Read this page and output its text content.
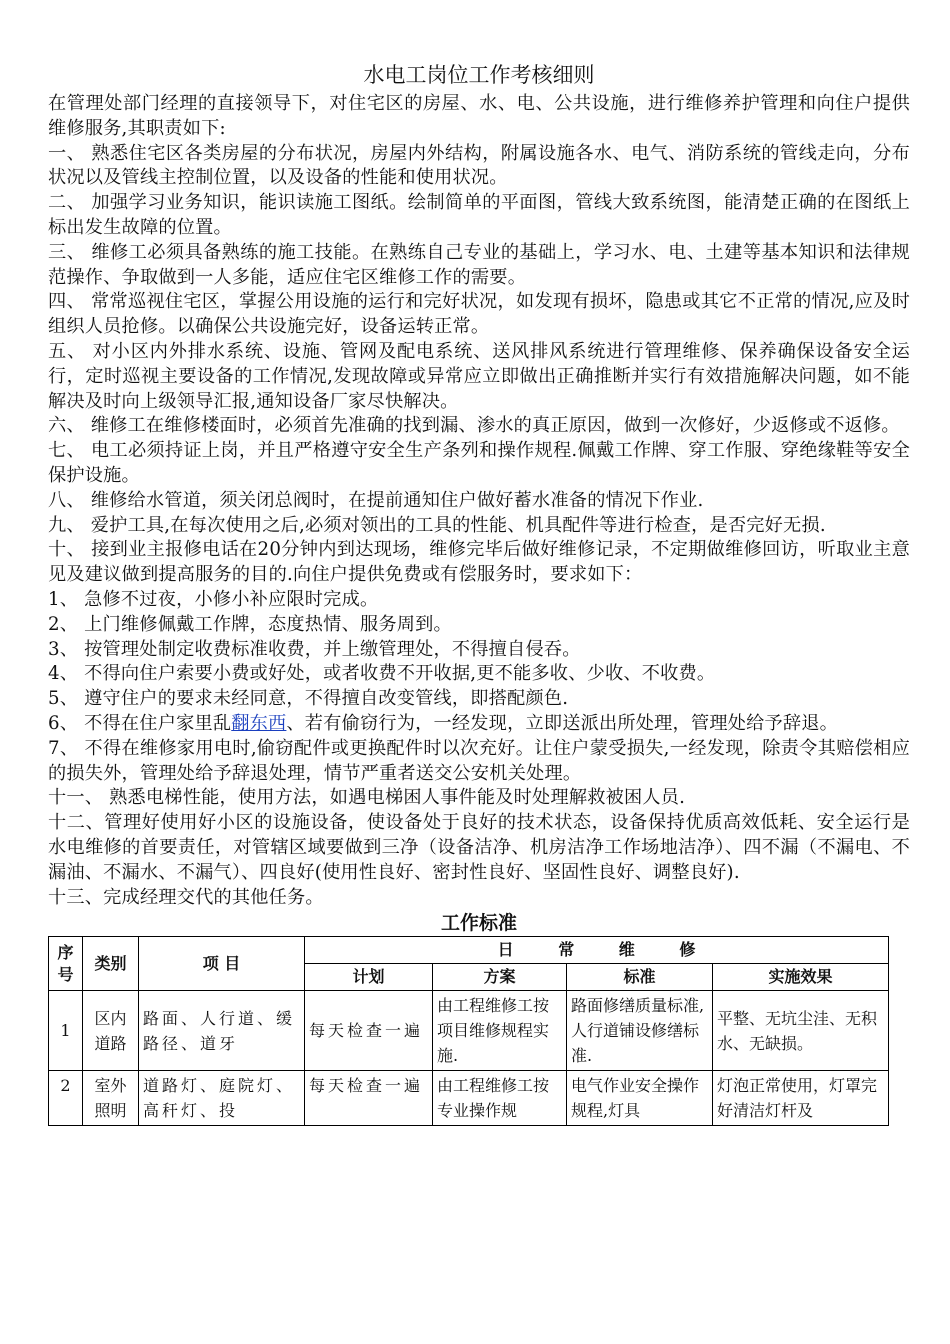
水电工岗位工作考核细则

在管理处部门经理的直接领导下，对住宅区的房屋、水、电、公共设施，进行维修养护管理和向住户提供维修服务,其职责如下:

一、 熟悉住宅区各类房屋的分布状况，房屋内外结构，附属设施各水、电气、消防系统的管线走向，分布状况以及管线主控制位置，以及设备的性能和使用状况。

二、 加强学习业务知识，能识读施工图纸。绘制简单的平面图，管线大致系统图，能清楚正确的在图纸上标出发生故障的位置。

三、 维修工必须具备熟练的施工技能。在熟练自己专业的基础上，学习水、电、土建等基本知识和法律规范操作、争取做到一人多能，适应住宅区维修工作的需要。

四、 常常巡视住宅区，掌握公用设施的运行和完好状况，如发现有损坏，隐患或其它不正常的情况,应及时组织人员抢修。以确保公共设施完好，设备运转正常。

五、 对小区内外排水系统、设施、管网及配电系统、送风排风系统进行管理维修、保养确保设备安全运行，定时巡视主要设备的工作情况,发现故障或异常应立即做出正确推断并实行有效措施解决问题，如不能解决及时向上级领导汇报,通知设备厂家尽快解决。

六、 维修工在维修楼面时，必须首先准确的找到漏、渗水的真正原因，做到一次修好，少返修或不返修。

七、 电工必须持证上岗，并且严格遵守安全生产条列和操作规程.佩戴工作牌、穿工作服、穿绝缘鞋等安全保护设施。

八、 维修给水管道，须关闭总阀时，在提前通知住户做好蓄水准备的情况下作业.

九、 爱护工具,在每次使用之后,必须对领出的工具的性能、机具配件等进行检查，是否完好无损.

十、 接到业主报修电话在20分钟内到达现场，维修完毕后做好维修记录，不定期做维修回访，听取业主意见及建议做到提高服务的目的.向住户提供免费或有偿服务时，要求如下：

1、 急修不过夜，小修小补应限时完成。

2、 上门维修佩戴工作牌，态度热情、服务周到。

3、 按管理处制定收费标准收费，并上缴管理处，不得擅自侵吞。

4、 不得向住户索要小费或好处，或者收费不开收据,更不能多收、少收、不收费。

5、 遵守住户的要求未经同意，不得擅自改变管线，即搭配颜色.

6、 不得在住户家里乱翻东西、若有偷窃行为，一经发现，立即送派出所处理，管理处给予辞退。

7、 不得在维修家用电时,偷窃配件或更换配件时以次充好。让住户蒙受损失,一经发现，除责令其赔偿相应的损失外，管理处给予辞退处理，情节严重者送交公安机关处理。

十一、 熟悉电梯性能，使用方法，如遇电梯困人事件能及时处理解救被困人员.

十二、管理好使用好小区的设施设备，使设备处于良好的技术状态，设备保持优质高效低耗、安全运行是水电维修的首要责任，对管辖区域要做到三净（设备洁净、机房洁净工作场地洁净）、四不漏（不漏电、不漏油、不漏水、不漏气）、四良好(使用性良好、密封性良好、坚固性良好、调整良好).

十三、完成经理交代的其他任务。

工作标准

序号	类别	项 目	日        常        维        修			
			计划	方案	标准	实施效果
1	区内道路	路面、人行道、缓路径、道牙	每天检查一遍	由工程维修工按项目维修规程实施.	路面修缮质量标准,人行道铺设修缮标准.	平整、无坑尘洼、无积水、无缺损。
2	室外照明	道路灯、庭院灯、高秆灯、投	每天检查一遍	由工程维修工按专业操作规	电气作业安全操作规程,灯具	灯泡正常使用，灯罩完好清洁灯杆及
